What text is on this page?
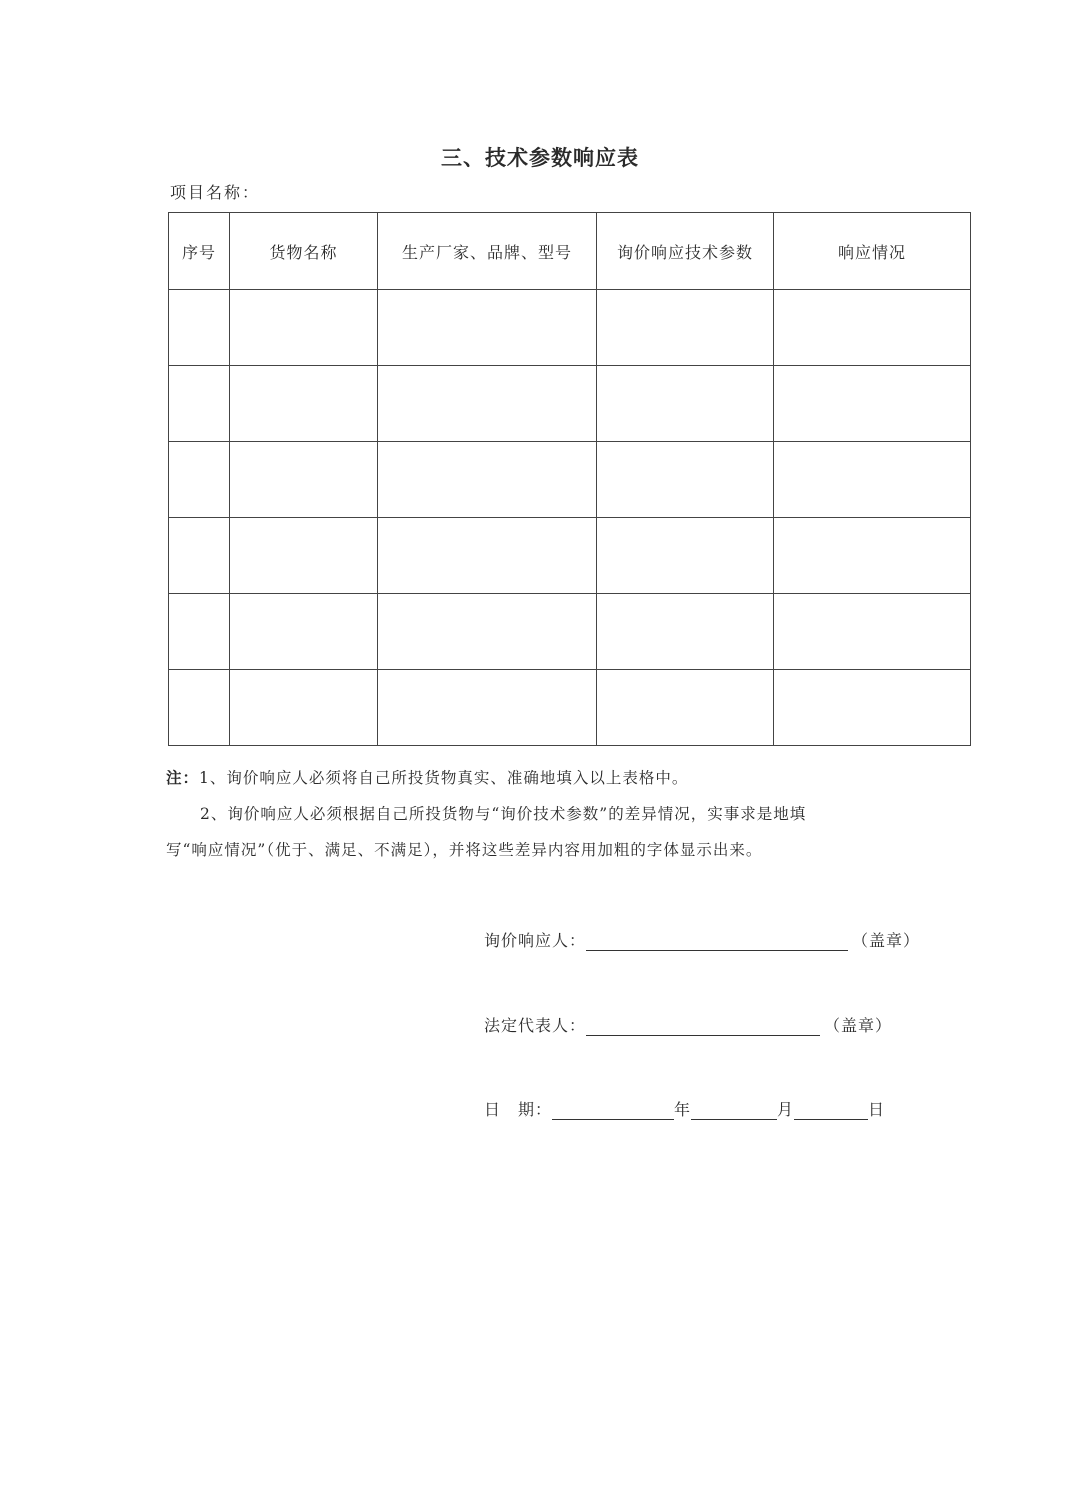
三、技术参数响应表
项目名称：
序号	货物名称	生产厂家、品牌、型号	询价响应技术参数	响应情况

注：1、询价响应人必须将自己所投货物真实、准确地填入以上表格中。
2、询价响应人必须根据自己所投货物与“询价技术参数”的差异情况，实事求是地填
写“响应情况”（优于、满足、不满足），并将这些差异内容用加粗的字体显示出来。
询价响应人：	（盖章）
法定代表人：	（盖章）
日　期：	年	月	日
